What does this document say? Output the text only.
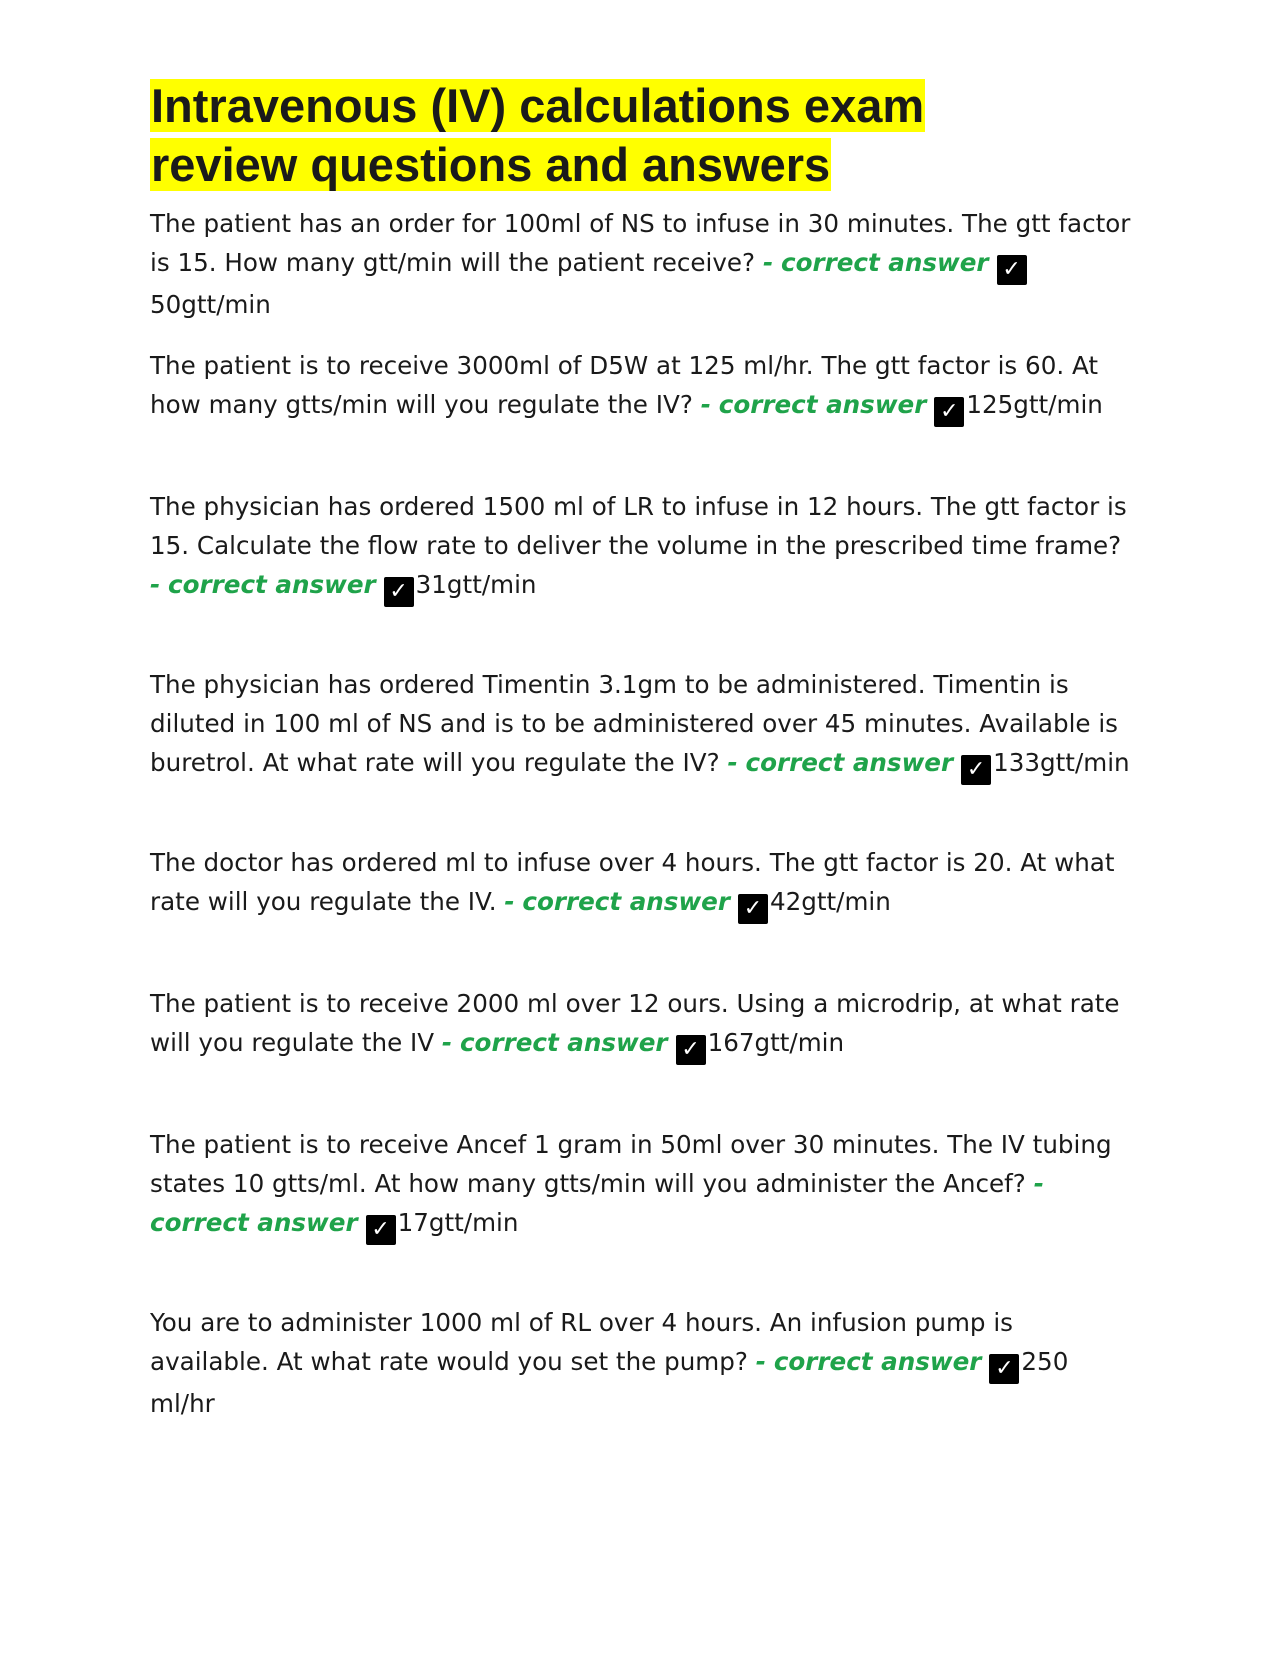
Intravenous (IV) calculations exam
review questions and answers

The patient has an order for 100ml of NS to infuse in 30 minutes. The gtt factor is 15. How many gtt/min will the patient receive? - correct answer ✓50gtt/min

The patient is to receive 3000ml of D5W at 125 ml/hr. The gtt factor is 60. At how many gtts/min will you regulate the IV? - correct answer ✓ 125gtt/min

The physician has ordered 1500 ml of LR to infuse in 12 hours. The gtt factor is 15. Calculate the flow rate to deliver the volume in the prescribed time frame? - correct answer ✓ 31gtt/min

The physician has ordered Timentin 3.1gm to be administered. Timentin is diluted in 100 ml of NS and is to be administered over 45 minutes. Available is buretrol. At what rate will you regulate the IV? - correct answer ✓ 133gtt/min

The doctor has ordered ml to infuse over 4 hours. The gtt factor is 20. At what rate will you regulate the IV. - correct answer ✓ 42gtt/min

The patient is to receive 2000 ml over 12 ours. Using a microdrip, at what rate will you regulate the IV - correct answer ✓ 167gtt/min

The patient is to receive Ancef 1 gram in 50ml over 30 minutes. The IV tubing states 10 gtts/ml. At how many gtts/min will you administer the Ancef? - correct answer ✓ 17gtt/min

You are to administer 1000 ml of RL over 4 hours. An infusion pump is available. At what rate would you set the pump? - correct answer ✓ 250 ml/hr
